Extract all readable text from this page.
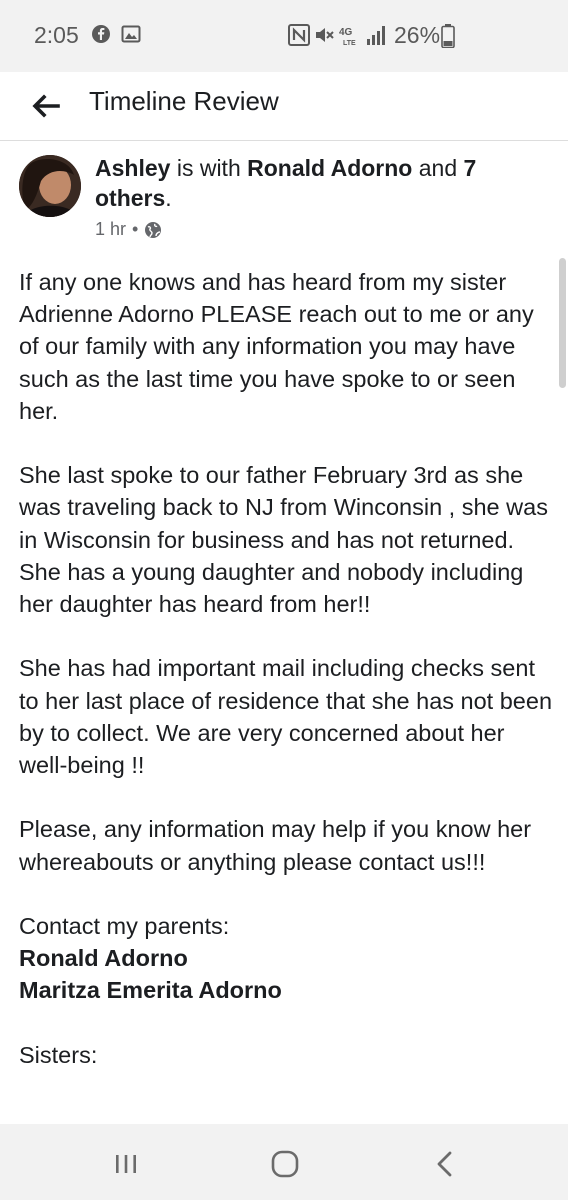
2:05	4G
LTE 26%
Timeline Review
Ashley is with Ronald Adorno and 7 others.
1 hr •

If any one knows and has heard from my sister Adrienne Adorno PLEASE reach out to me or any of our family with any information you may have such as the last time you have spoke to or seen her.

She last spoke to our father February 3rd as she was traveling back to NJ from Winconsin , she was in Wisconsin for business and has not returned. She has a young daughter and nobody including her daughter has heard from her!!

She has had important mail including checks sent to her last place of residence that she has not been by to collect. We are very concerned about her well-being !!

Please, any information may help if you know her whereabouts or anything please contact us!!!

Contact my parents:

Ronald Adorno

Maritza Emerita Adorno

Sisters:
